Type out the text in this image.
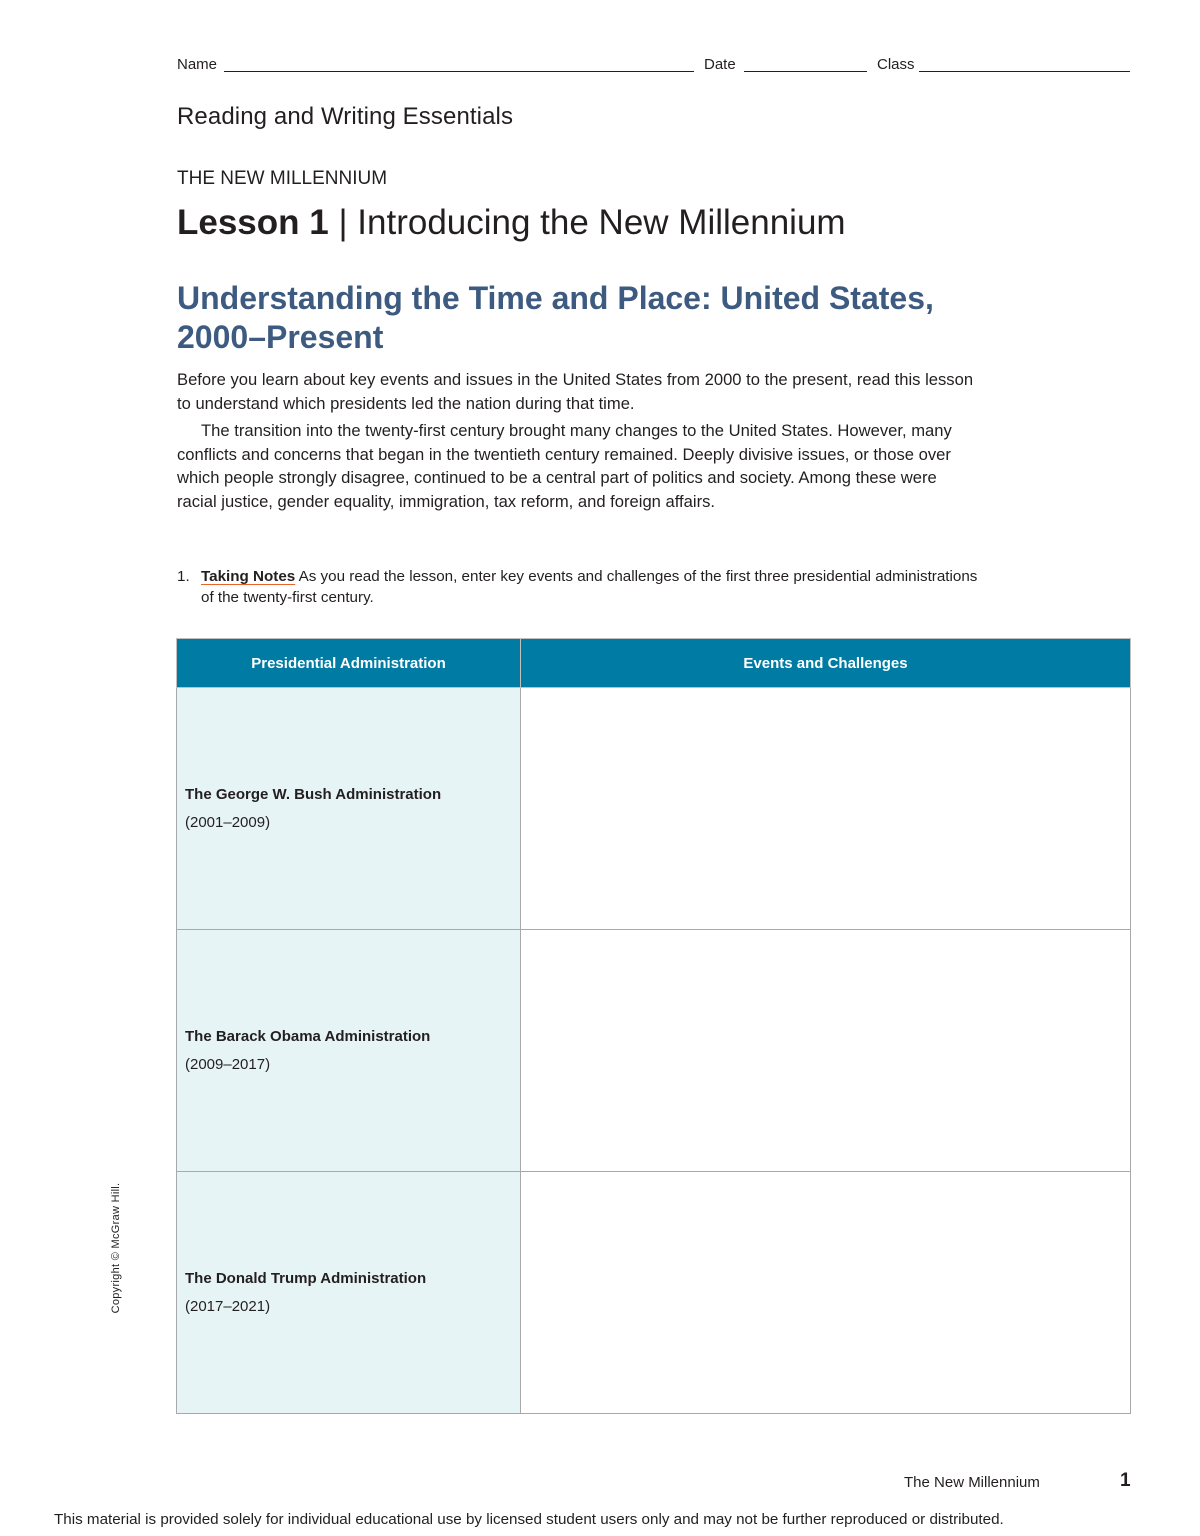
Name	Date	Class
Reading and Writing Essentials
THE NEW MILLENNIUM
Lesson 1 | Introducing the New Millennium
Understanding the Time and Place: United States, 2000–Present
Before you learn about key events and issues in the United States from 2000 to the present, read this lesson to understand which presidents led the nation during that time.
The transition into the twenty-first century brought many changes to the United States. However, many conflicts and concerns that began in the twentieth century remained. Deeply divisive issues, or those over which people strongly disagree, continued to be a central part of politics and society. Among these were racial justice, gender equality, immigration, tax reform, and foreign affairs.
1. Taking Notes As you read the lesson, enter key events and challenges of the first three presidential administrations of the twenty-first century.
Presidential Administration	Events and Challenges

The George W. Bush Administration
(2001–2009)	

The Barack Obama Administration
(2009–2017)	

The Donald Trump Administration
(2017–2021)	

Copyright © McGraw Hill.
The New Millennium	1
This material is provided solely for individual educational use by licensed student users only and may not be further reproduced or distributed.
